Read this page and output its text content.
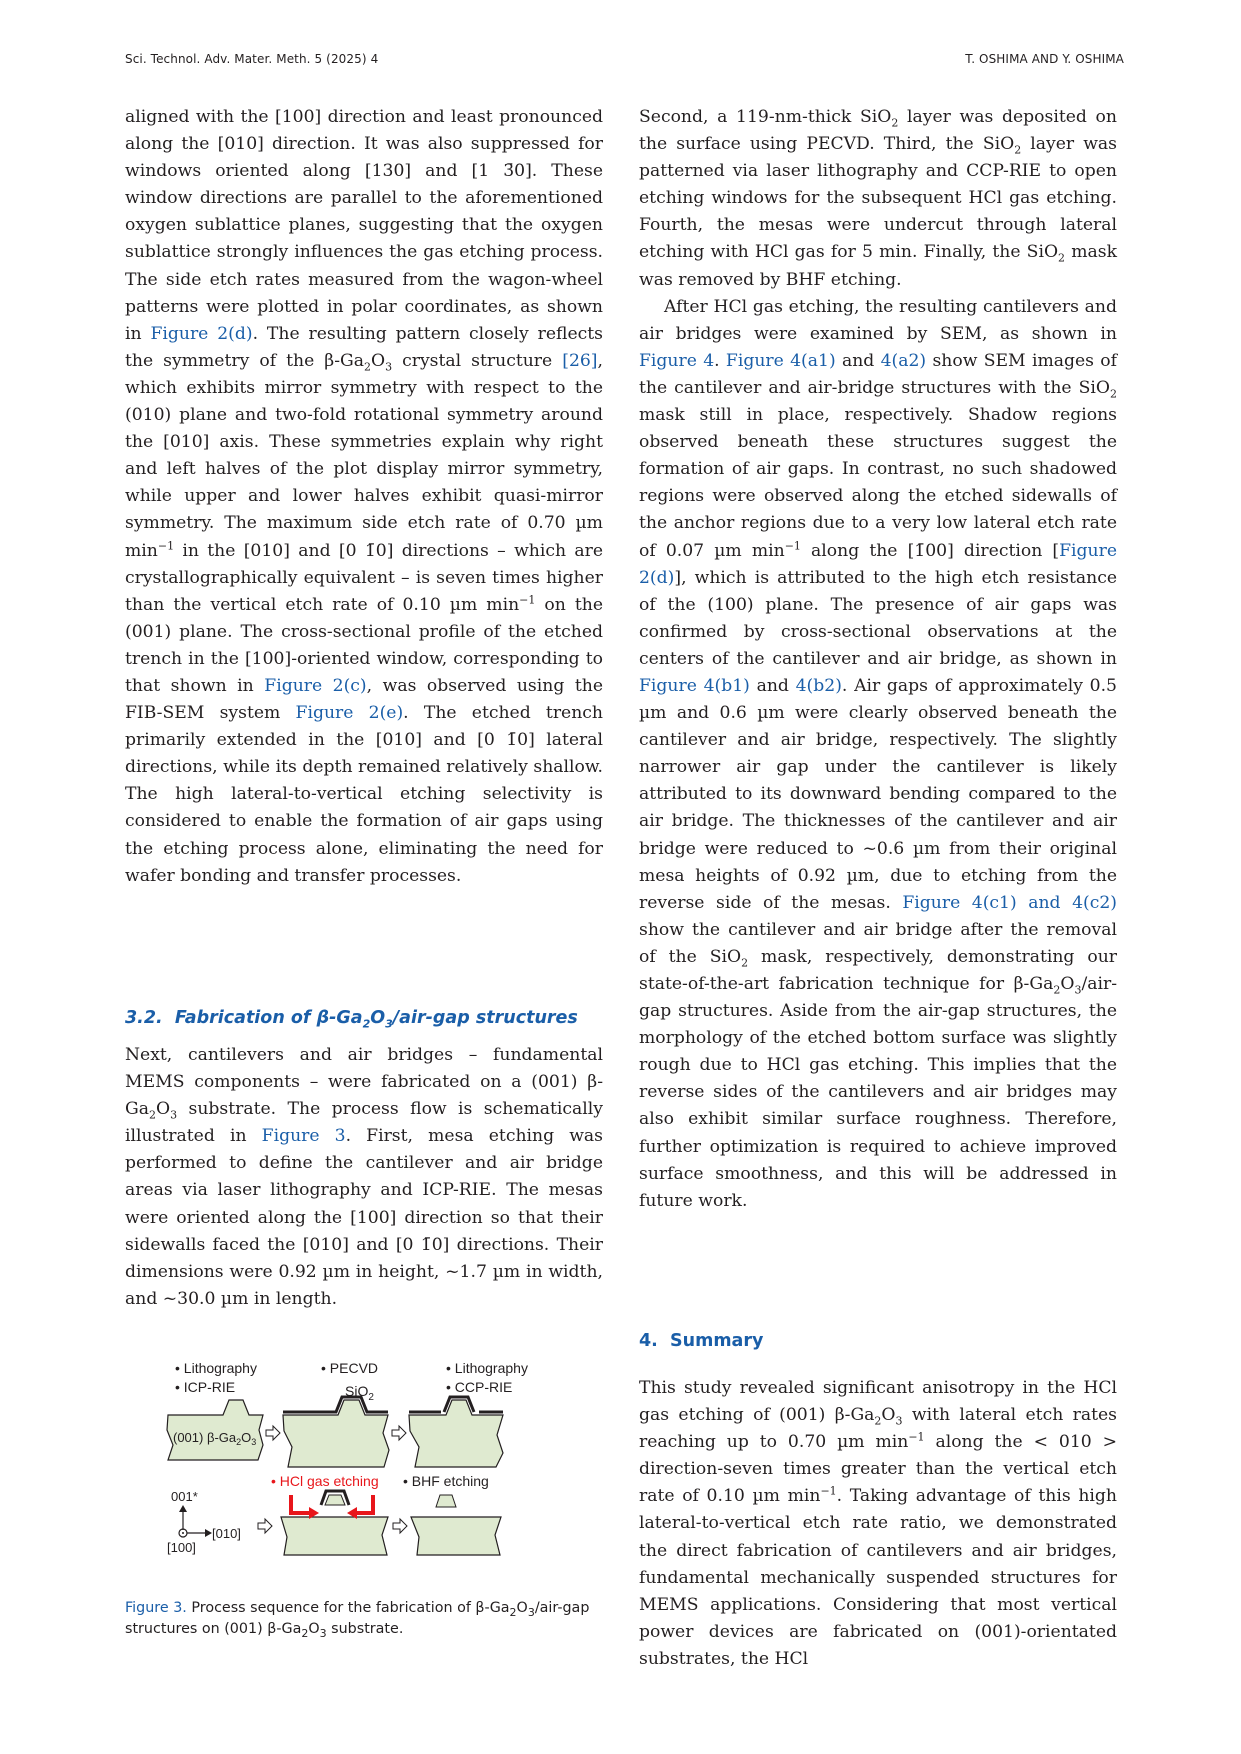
Sci. Technol. Adv. Mater. Meth. 5 (2025) 4	T. OSHIMA AND Y. OSHIMA

aligned with the [100] direction and least pronounced along the [010] direction. It was also suppressed for windows oriented along [130] and [1 3̄0]. These window directions are parallel to the aforementioned oxygen sublattice planes, suggesting that the oxygen sublattice strongly influences the gas etching process. The side etch rates measured from the wagon-wheel patterns were plotted in polar coordinates, as shown in Figure 2(d). The resulting pattern closely reflects the symmetry of the $\beta-Ga_2O_3$ crystal structure [26], which exhibits mirror symmetry with respect to the (010) plane and two-fold rotational symmetry around the [010] axis. These symmetries explain why right and left halves of the plot display mirror symmetry, while upper and lower halves exhibit quasi-mirror symmetry. The maximum side etch rate of 0.70 µm $\min^{-1}$ in the [010] and [0 1̄0] directions – which are crystallographically equivalent – is seven times higher than the vertical etch rate of 0.10 µm $\min^{-1}$ on the (001) plane. The cross-sectional profile of the etched trench in the [100]-oriented window, corresponding to that shown in Figure 2(c), was observed using the FIB-SEM system Figure 2(e). The etched trench primarily extended in the [010] and [0 1̄0] lateral directions, while its depth remained relatively shallow. The high lateral-to-vertical etching selectivity is considered to enable the formation of air gaps using the etching process alone, eliminating the need for wafer bonding and transfer processes.

3.2. Fabrication of $\beta-Ga_2O_3/air$-gap structures

Next, cantilevers and air bridges – fundamental MEMS components – were fabricated on a (001) $\beta-Ga_2O_3$ substrate. The process flow is schematically illustrated in Figure 3. First, mesa etching was performed to define the cantilever and air bridge areas via laser lithography and ICP-RIE. The mesas were oriented along the [100] direction so that their sidewalls faced the [010] and [0 1̄0] directions. Their dimensions were 0.92 µm in height, ~1.7 µm in width, and ~30.0 µm in length.

• Lithography
• ICP-RIE
• PECVD
SiO$_2$
• Lithography
• CCP-RIE
(001) $\beta-Ga_2O_3$
• HCl gas etching • BHF etching
001*
[010]
[100]
Figure 3. Process sequence for the fabrication of $\beta-Ga_2O_3/air$-gap structures on (001) $\beta-Ga_2O_3$ substrate.

Second, a 119-nm-thick SiO$_2$ layer was deposited on the surface using PECVD. Third, the SiO$_2$ layer was patterned via laser lithography and CCP-RIE to open etching windows for the subsequent HCl gas etching. Fourth, the mesas were undercut through lateral etching with HCl gas for 5 min. Finally, the SiO$_2$ mask was removed by BHF etching.

After HCl gas etching, the resulting cantilevers and air bridges were examined by SEM, as shown in Figure 4. Figure 4(a1) and 4(a2) show SEM images of the cantilever and air-bridge structures with the SiO$_2$ mask still in place, respectively. Shadow regions observed beneath these structures suggest the formation of air gaps. In contrast, no such shadowed regions were observed along the etched sidewalls of the anchor regions due to a very low lateral etch rate of 0.07 µm $\min^{-1}$ along the [1̄00] direction [Figure 2(d)], which is attributed to the high etch resistance of the (100) plane. The presence of air gaps was confirmed by cross-sectional observations at the centers of the cantilever and air bridge, as shown in Figure 4(b1) and 4(b2). Air gaps of approximately 0.5 µm and 0.6 µm were clearly observed beneath the cantilever and air bridge, respectively. The slightly narrower air gap under the cantilever is likely attributed to its downward bending compared to the air bridge. The thicknesses of the cantilever and air bridge were reduced to ~0.6 µm from their original mesa heights of 0.92 µm, due to etching from the reverse side of the mesas. Figure 4(c1) and 4(c2) show the cantilever and air bridge after the removal of the SiO$_2$ mask, respectively, demonstrating our state-of-the-art fabrication technique for $\beta-Ga_2O_3/air$-gap structures. Aside from the air-gap structures, the morphology of the etched bottom surface was slightly rough due to HCl gas etching. This implies that the reverse sides of the cantilevers and air bridges may also exhibit similar surface roughness. Therefore, further optimization is required to achieve improved surface smoothness, and this will be addressed in future work.

4. Summary

This study revealed significant anisotropy in the HCl gas etching of (001) $\beta-Ga_2O_3$ with lateral etch rates reaching up to 0.70 µm $\min^{-1}$ along the < 010 > direction-seven times greater than the vertical etch rate of 0.10 µm $\min^{-1}$. Taking advantage of this high lateral-to-vertical etch rate ratio, we demonstrated the direct fabrication of cantilevers and air bridges, fundamental mechanically suspended structures for MEMS applications. Considering that most vertical power devices are fabricated on (001)-orientated substrates, the HCl
